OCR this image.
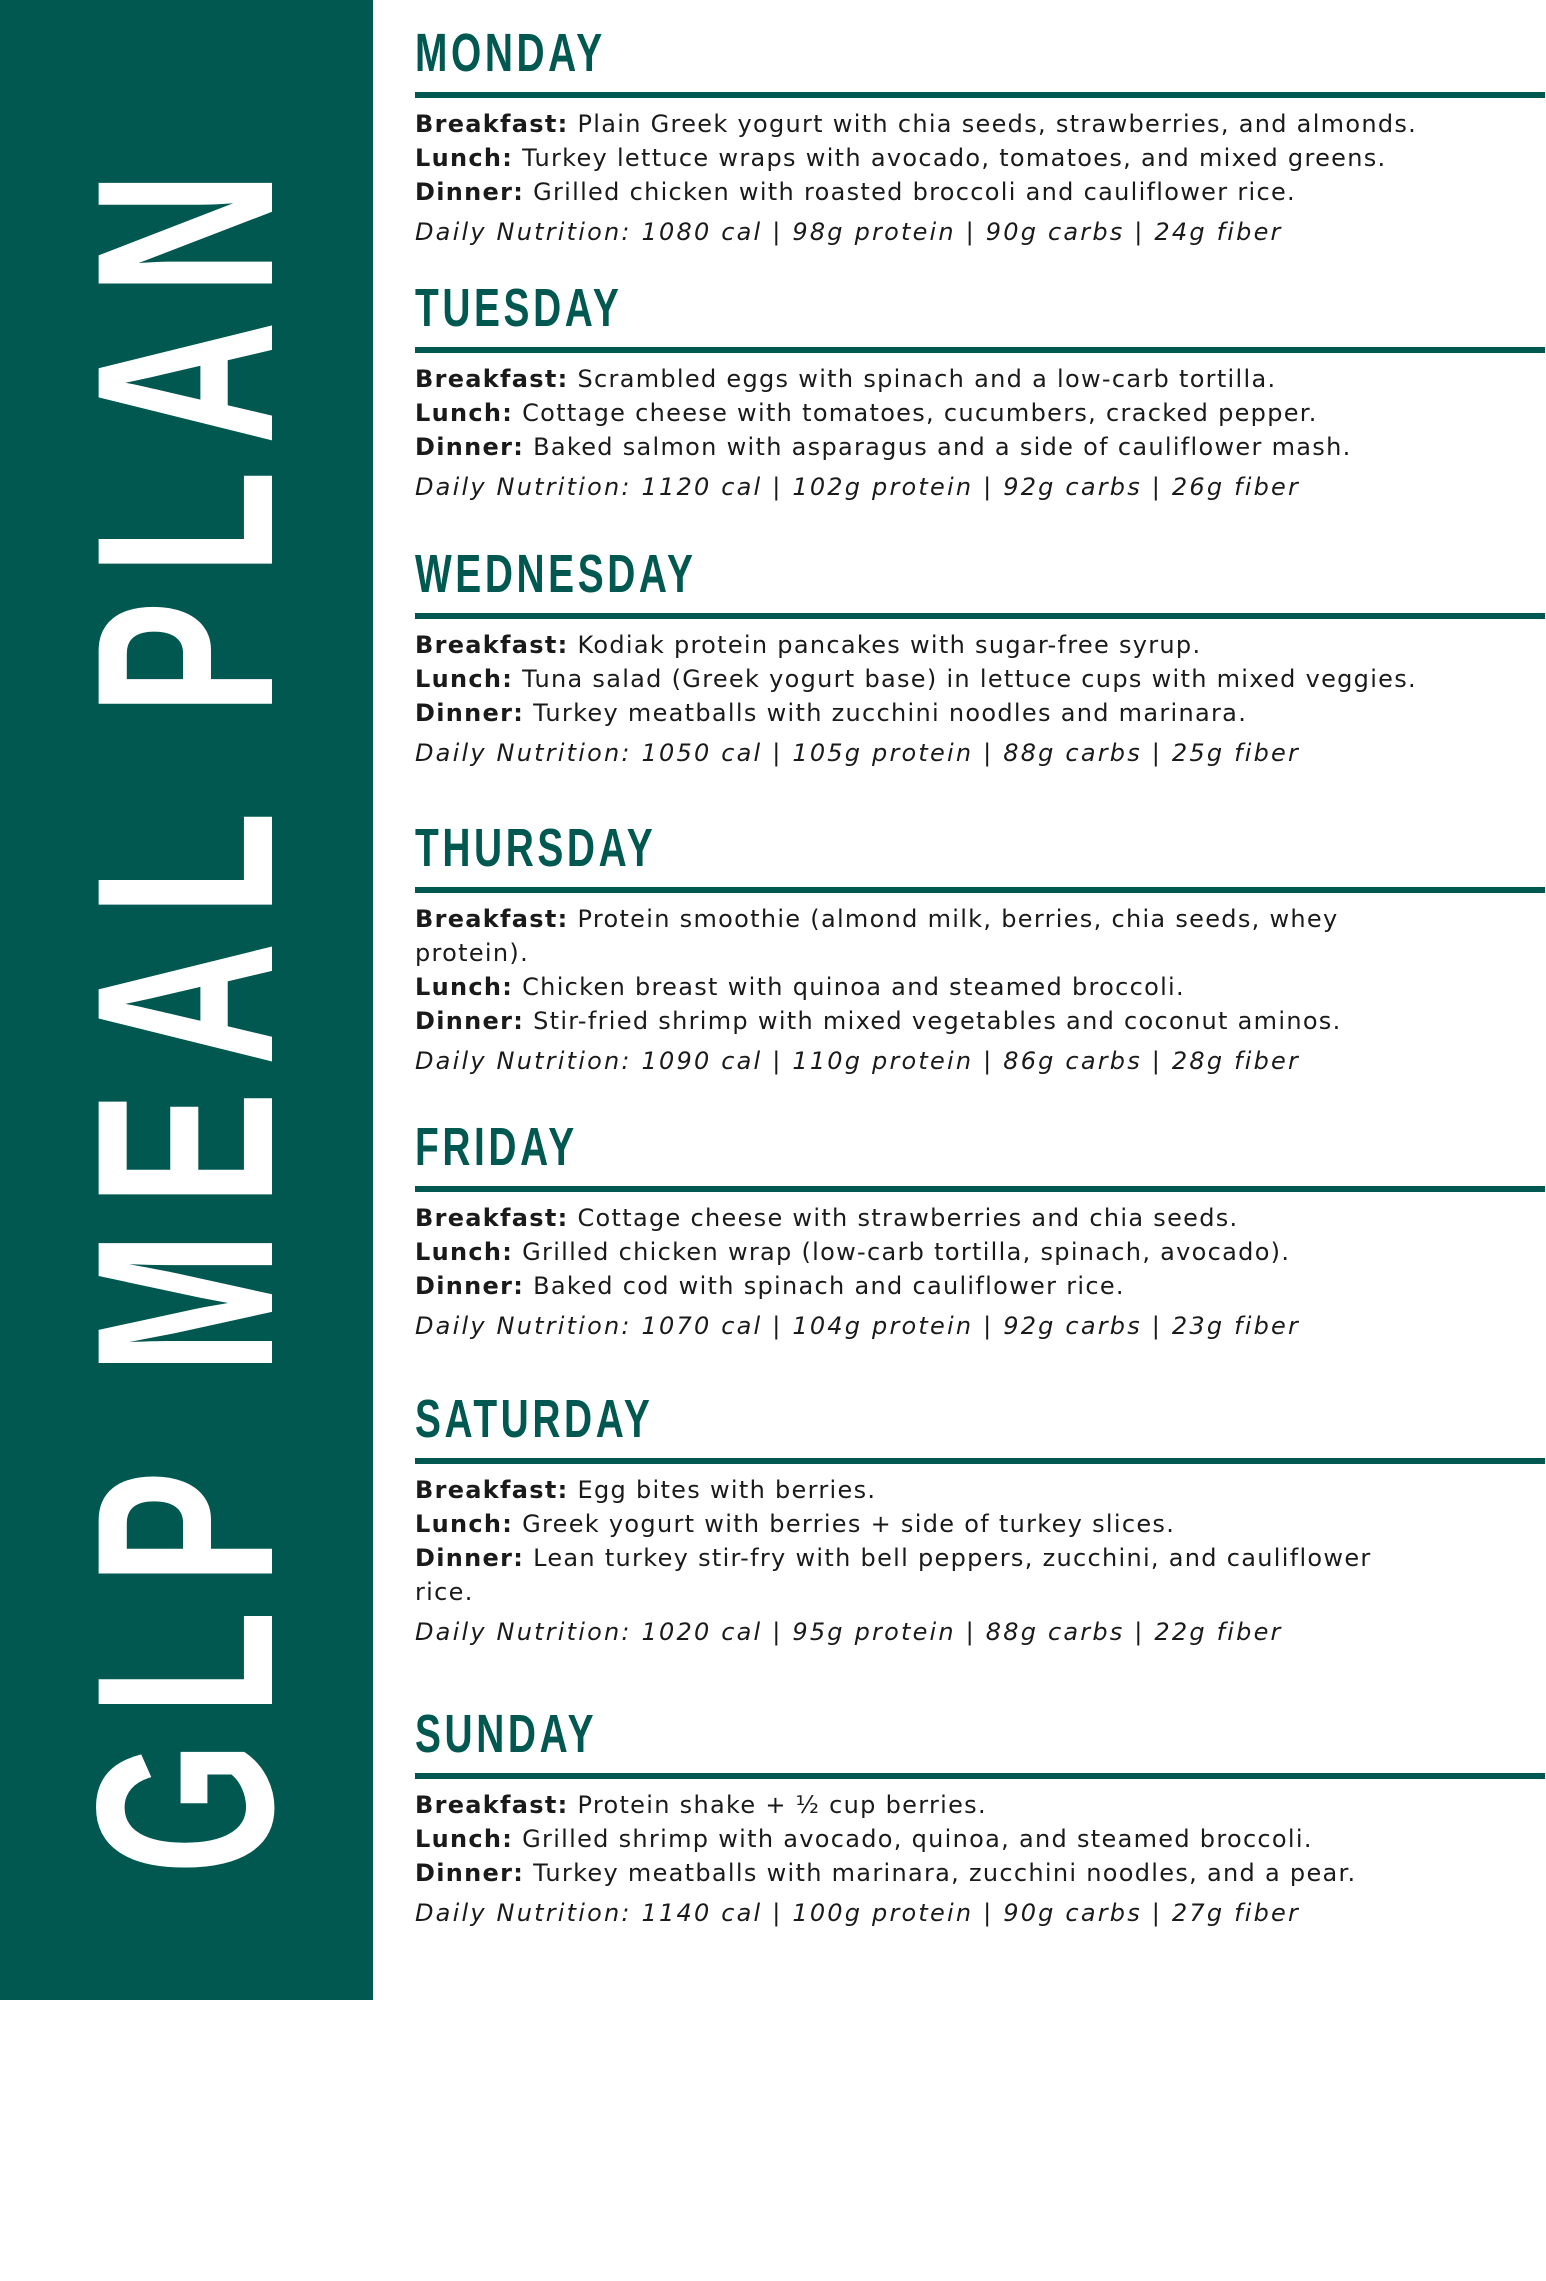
GLP MEAL PLAN
MONDAY
Breakfast: Plain Greek yogurt with chia seeds, strawberries, and almonds.
Lunch: Turkey lettuce wraps with avocado, tomatoes, and mixed greens.
Dinner: Grilled chicken with roasted broccoli and cauliflower rice.
Daily Nutrition: 1080 cal | 98g protein | 90g carbs | 24g fiber
TUESDAY
Breakfast: Scrambled eggs with spinach and a low-carb tortilla.
Lunch: Cottage cheese with tomatoes, cucumbers, cracked pepper.
Dinner: Baked salmon with asparagus and a side of cauliflower mash.
Daily Nutrition: 1120 cal | 102g protein | 92g carbs | 26g fiber
WEDNESDAY
Breakfast: Kodiak protein pancakes with sugar-free syrup.
Lunch: Tuna salad (Greek yogurt base) in lettuce cups with mixed veggies.
Dinner: Turkey meatballs with zucchini noodles and marinara.
Daily Nutrition: 1050 cal | 105g protein | 88g carbs | 25g fiber
THURSDAY
Breakfast: Protein smoothie (almond milk, berries, chia seeds, whey protein).
Lunch: Chicken breast with quinoa and steamed broccoli.
Dinner: Stir-fried shrimp with mixed vegetables and coconut aminos.
Daily Nutrition: 1090 cal | 110g protein | 86g carbs | 28g fiber
FRIDAY
Breakfast: Cottage cheese with strawberries and chia seeds.
Lunch: Grilled chicken wrap (low-carb tortilla, spinach, avocado).
Dinner: Baked cod with spinach and cauliflower rice.
Daily Nutrition: 1070 cal | 104g protein | 92g carbs | 23g fiber
SATURDAY
Breakfast: Egg bites with berries.
Lunch: Greek yogurt with berries + side of turkey slices.
Dinner: Lean turkey stir-fry with bell peppers, zucchini, and cauliflower rice.
Daily Nutrition: 1020 cal | 95g protein | 88g carbs | 22g fiber
SUNDAY
Breakfast: Protein shake + ½ cup berries.
Lunch: Grilled shrimp with avocado, quinoa, and steamed broccoli.
Dinner: Turkey meatballs with marinara, zucchini noodles, and a pear.
Daily Nutrition: 1140 cal | 100g protein | 90g carbs | 27g fiber
